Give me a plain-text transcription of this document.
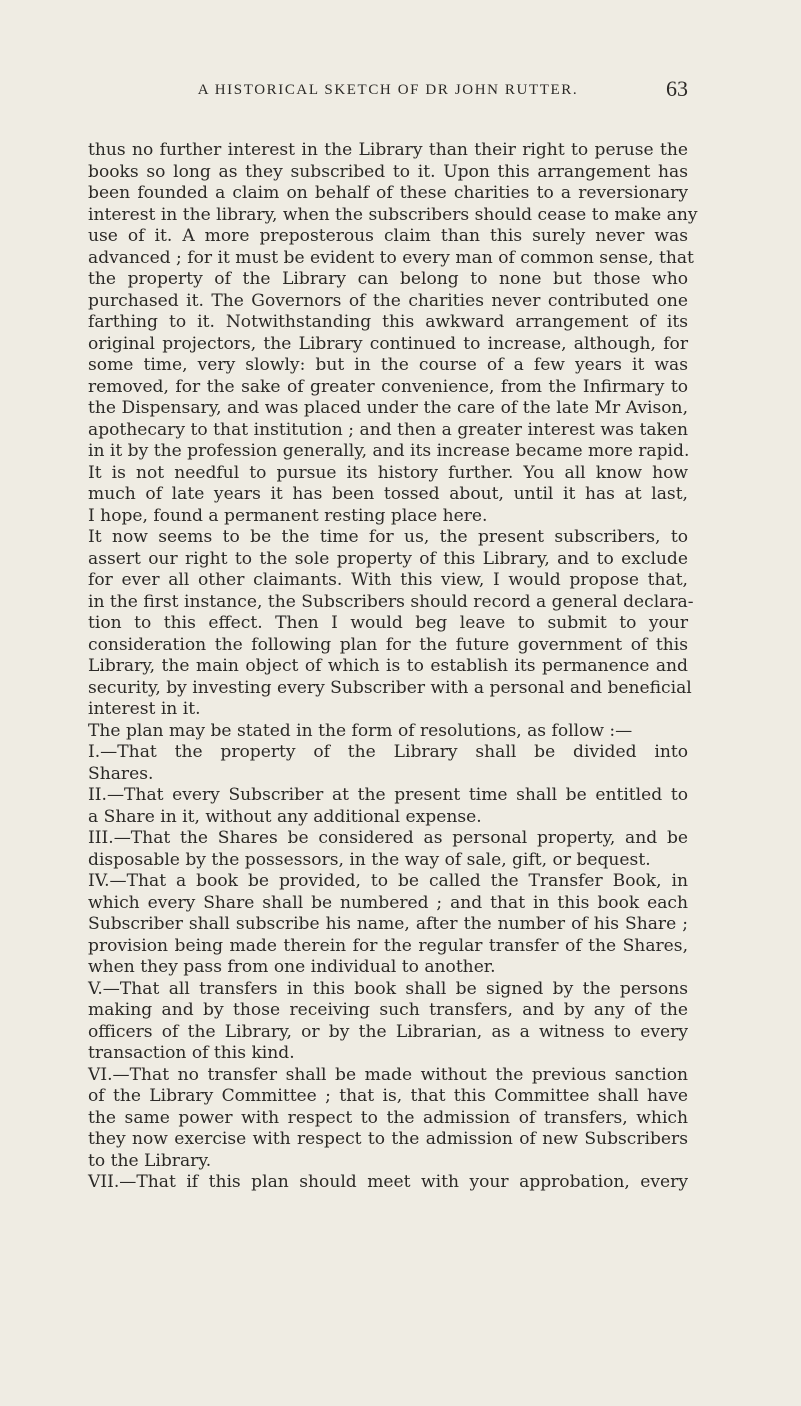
A HISTORICAL SKETCH OF DR JOHN RUTTER.	63
thus no further interest in the Library than their right to peruse the
books so long as they subscribed to it. Upon this arrangement has
been founded a claim on behalf of these charities to a reversionary
interest in the library, when the subscribers should cease to make any
use of it. A more preposterous claim than this surely never was
advanced ; for it must be evident to every man of common sense, that
the property of the Library can belong to none but those who
purchased it. The Governors of the charities never contributed one
farthing to it. Notwithstanding this awkward arrangement of its
original projectors, the Library continued to increase, although, for
some time, very slowly: but in the course of a few years it was
removed, for the sake of greater convenience, from the Infirmary to
the Dispensary, and was placed under the care of the late Mr Avison,
apothecary to that institution ; and then a greater interest was taken
in it by the profession generally, and its increase became more rapid.
It is not needful to pursue its history further. You all know how
much of late years it has been tossed about, until it has at last,
I hope, found a permanent resting place here.
It now seems to be the time for us, the present subscribers, to
assert our right to the sole property of this Library, and to exclude
for ever all other claimants. With this view, I would propose that,
in the first instance, the Subscribers should record a general declara-
tion to this effect. Then I would beg leave to submit to your
consideration the following plan for the future government of this
Library, the main object of which is to establish its permanence and
security, by investing every Subscriber with a personal and beneficial
interest in it.
The plan may be stated in the form of resolutions, as follow :—
I.—That the property of the Library shall be divided into
Shares.
II.—That every Subscriber at the present time shall be entitled to
a Share in it, without any additional expense.
III.—That the Shares be considered as personal property, and be
disposable by the possessors, in the way of sale, gift, or bequest.
IV.—That a book be provided, to be called the Transfer Book, in
which every Share shall be numbered ; and that in this book each
Subscriber shall subscribe his name, after the number of his Share ;
provision being made therein for the regular transfer of the Shares,
when they pass from one individual to another.
V.—That all transfers in this book shall be signed by the persons
making and by those receiving such transfers, and by any of the
officers of the Library, or by the Librarian, as a witness to every
transaction of this kind.
VI.—That no transfer shall be made without the previous sanction
of the Library Committee ; that is, that this Committee shall have
the same power with respect to the admission of transfers, which
they now exercise with respect to the admission of new Subscribers
to the Library.
VII.—That if this plan should meet with your approbation, every
